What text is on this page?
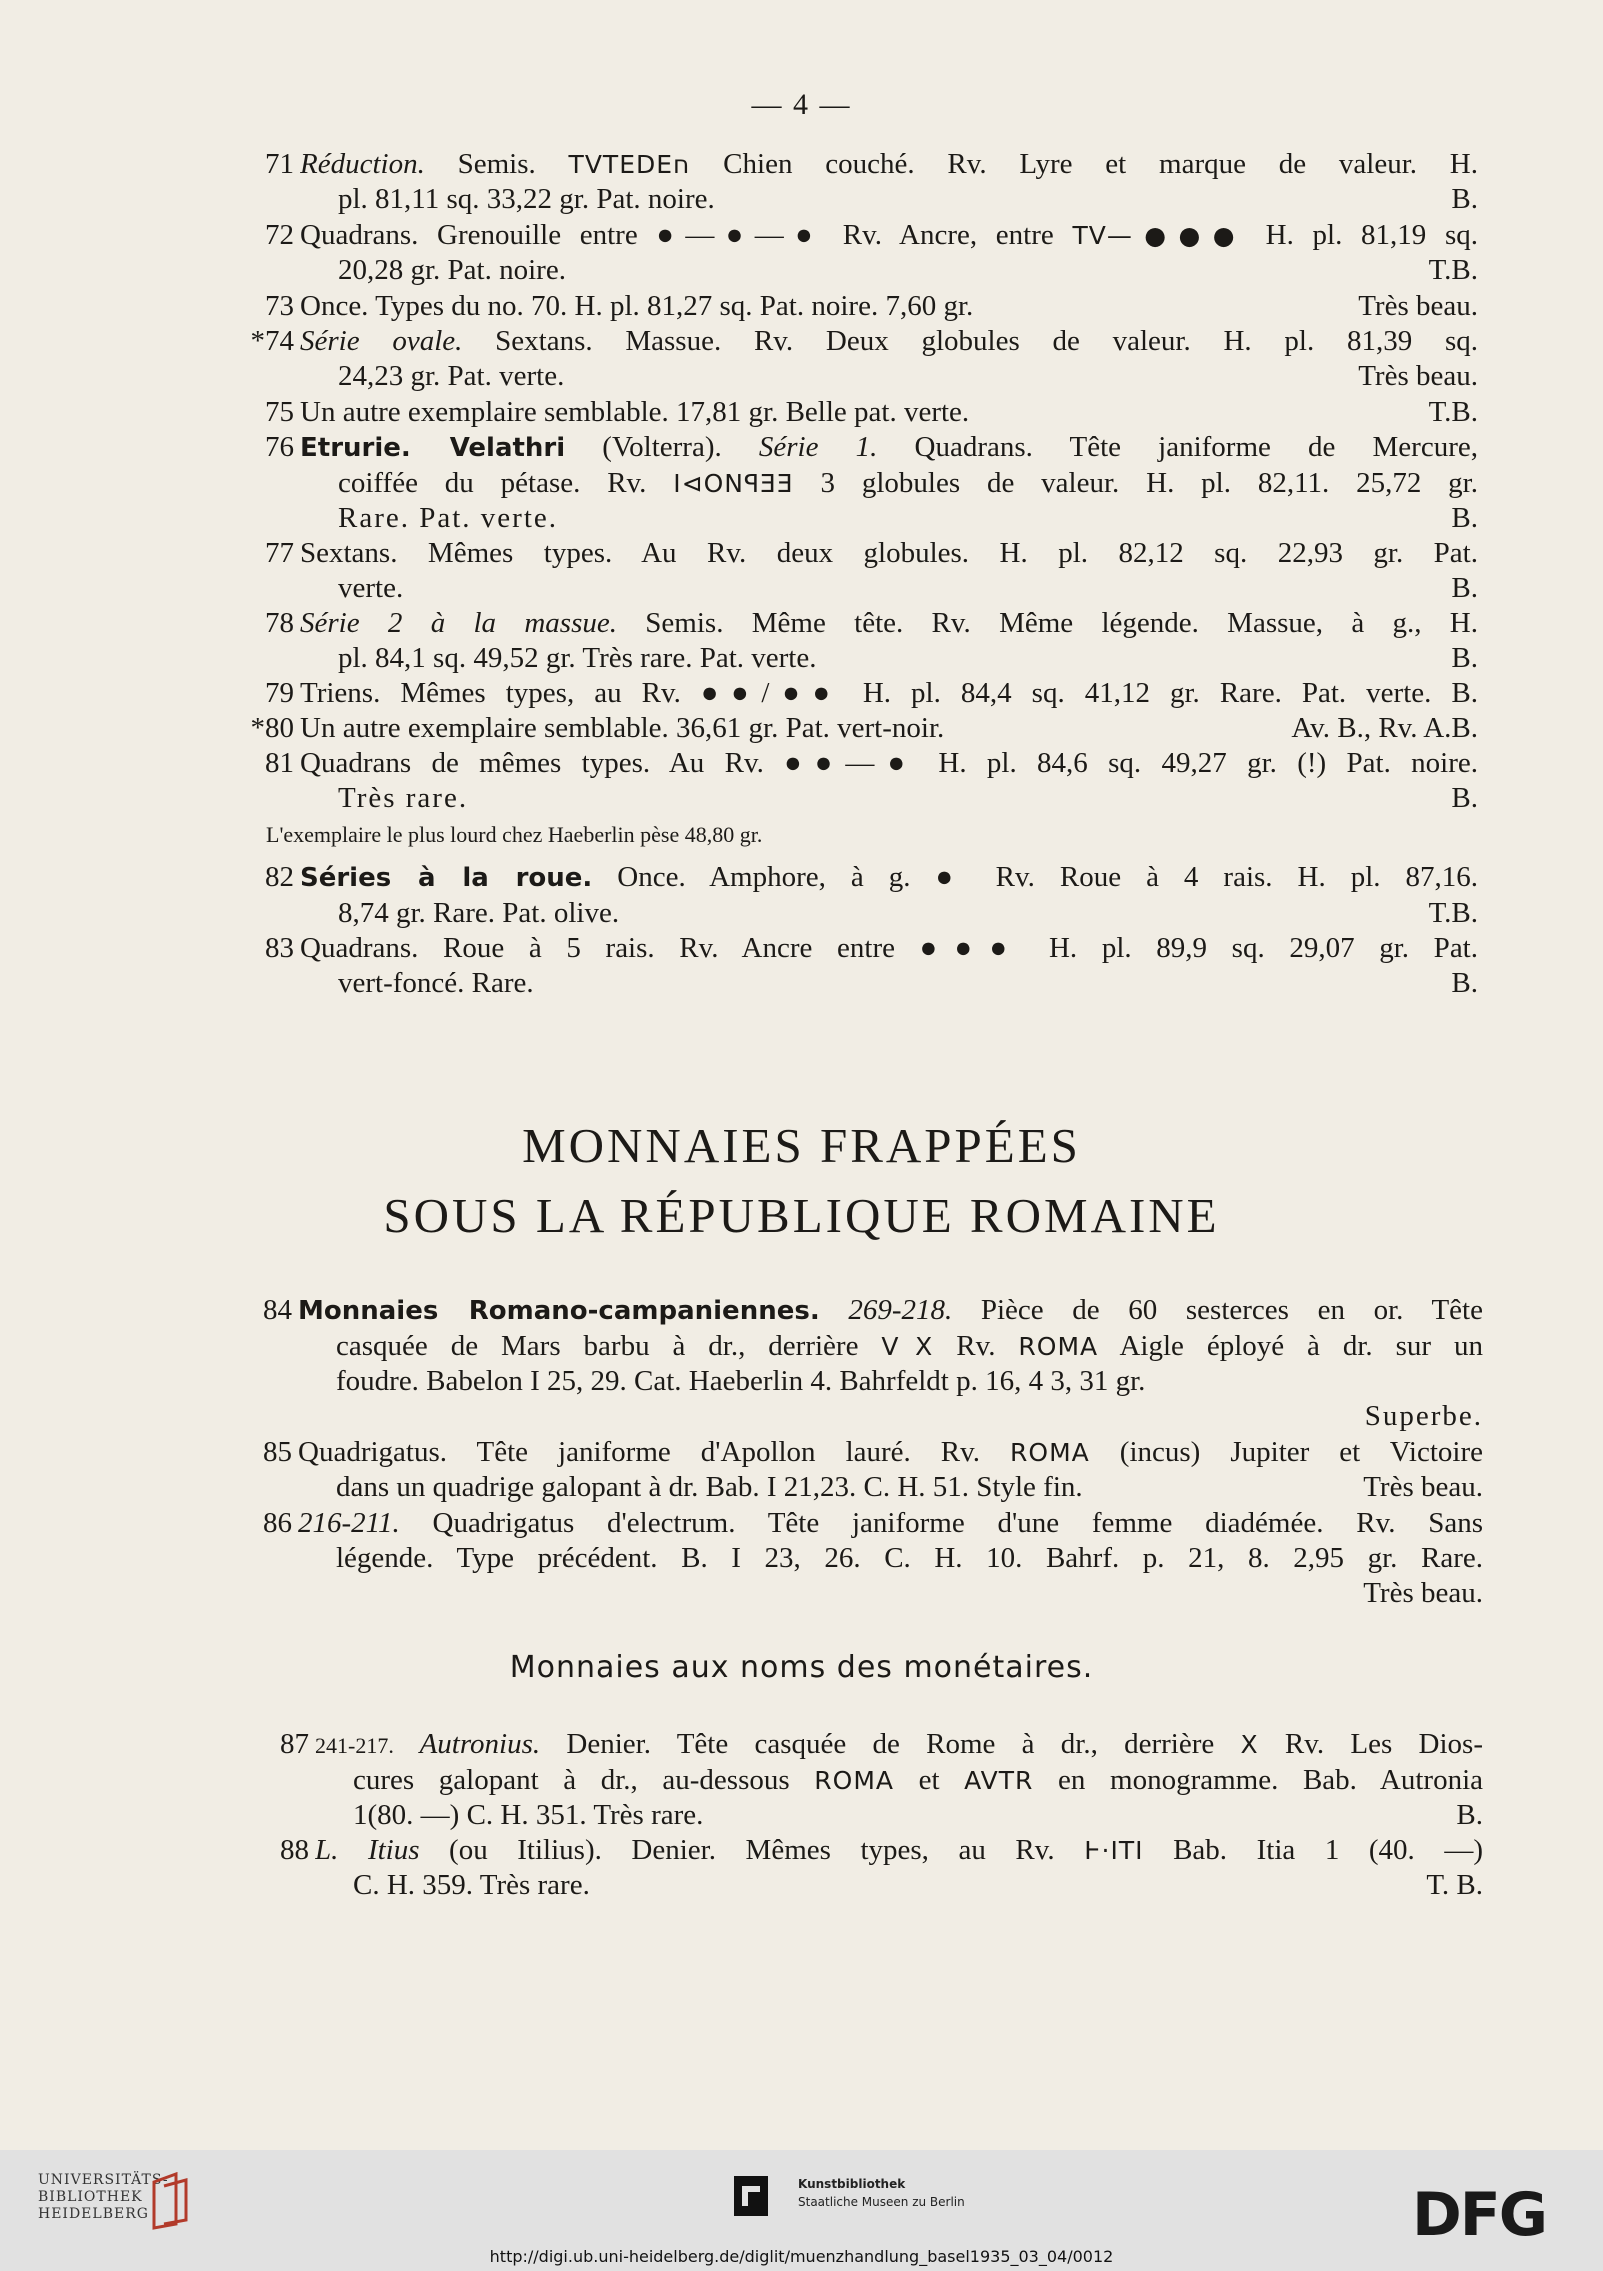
— 4 —
71 Réduction. Semis. TVTEDEח Chien couché. Rv. Lyre et marque de valeur. H.
pl. 81,11 sq. 33,22 gr. Pat. noire.	B.
72 Quadrans. Grenouille entre ●—●—● Rv. Ancre, entre TV—●●● H. pl. 81,19 sq.
20,28 gr. Pat. noire.	T.B.
73 Once. Types du no. 70. H. pl. 81,27 sq. Pat. noire. 7,60 gr.	Très beau.
*74 Série ovale. Sextans. Massue. Rv. Deux globules de valeur. H. pl. 81,39 sq.
24,23 gr. Pat. verte.	Très beau.
75 Un autre exemplaire semblable. 17,81 gr. Belle pat. verte.	T.B.
76 Etrurie. Velathri (Volterra). Série 1. Quadrans. Tête janiforme de Mercure,
coiffée du pétase. Rv. I⊲ONꟼƎƎ 3 globules de valeur. H. pl. 82,11. 25,72 gr.
Rare. Pat. verte.	B.
77 Sextans. Mêmes types. Au Rv. deux globules. H. pl. 82,12 sq. 22,93 gr. Pat.
verte.	B.
78 Série 2 à la massue. Semis. Même tête. Rv. Même légende. Massue, à g., H.
pl. 84,1 sq. 49,52 gr. Très rare. Pat. verte.	B.
79 Triens. Mêmes types, au Rv. ●●/●● H. pl. 84,4 sq. 41,12 gr. Rare. Pat. verte. B.
*80 Un autre exemplaire semblable. 36,61 gr. Pat. vert-noir.	Av. B., Rv. A.B.
81 Quadrans de mêmes types. Au Rv. ●●—● H. pl. 84,6 sq. 49,27 gr. (!) Pat. noire.
Très rare.	B.
L'exemplaire le plus lourd chez Haeberlin pèse 48,80 gr.
82 Séries à la roue. Once. Amphore, à g. ● Rv. Roue à 4 rais. H. pl. 87,16.
8,74 gr. Rare. Pat. olive.	T.B.
83 Quadrans. Roue à 5 rais. Rv. Ancre entre ●●● H. pl. 89,9 sq. 29,07 gr. Pat.
vert-foncé. Rare.	B.
MONNAIES FRAPPÉES
SOUS LA RÉPUBLIQUE ROMAINE
84 Monnaies Romano-campaniennes. 269-218. Pièce de 60 sesterces en or. Tête
casquée de Mars barbu à dr., derrière ⅤX Rv. ROMA Aigle éployé à dr. sur un
foudre. Babelon I 25, 29. Cat. Haeberlin 4. Bahrfeldt p. 16, 4 3, 31 gr.
Superbe.
85 Quadrigatus. Tête janiforme d'Apollon lauré. Rv. ROMA (incus) Jupiter et Victoire
dans un quadrige galopant à dr. Bab. I 21,23. C. H. 51. Style fin.	Très beau.
86 216-211. Quadrigatus d'electrum. Tête janiforme d'une femme diadémée. Rv. Sans
légende. Type précédent. B. I 23, 26. C. H. 10. Bahrf. p. 21, 8. 2,95 gr. Rare.
Très beau.
Monnaies aux noms des monétaires.
87 241-217. Autronius. Denier. Tête casquée de Rome à dr., derrière X Rv. Les Dios-
cures galopant à dr., au-dessous ROMA et AVTR en monogramme. Bab. Autronia
1(80. —) C. H. 351. Très rare.	B.
88 L. Itius (ou Itilius). Denier. Mêmes types, au Rv. Ⱶ·ITI Bab. Itia 1 (40. —)
C. H. 359. Très rare.	T. B.
UNIVERSITÄTS-
BIBLIOTHEK
HEIDELBERG
Kunstbibliothek
Staatliche Museen zu Berlin	DFG
http://digi.ub.uni-heidelberg.de/diglit/muenzhandlung_basel1935_03_04/0012
